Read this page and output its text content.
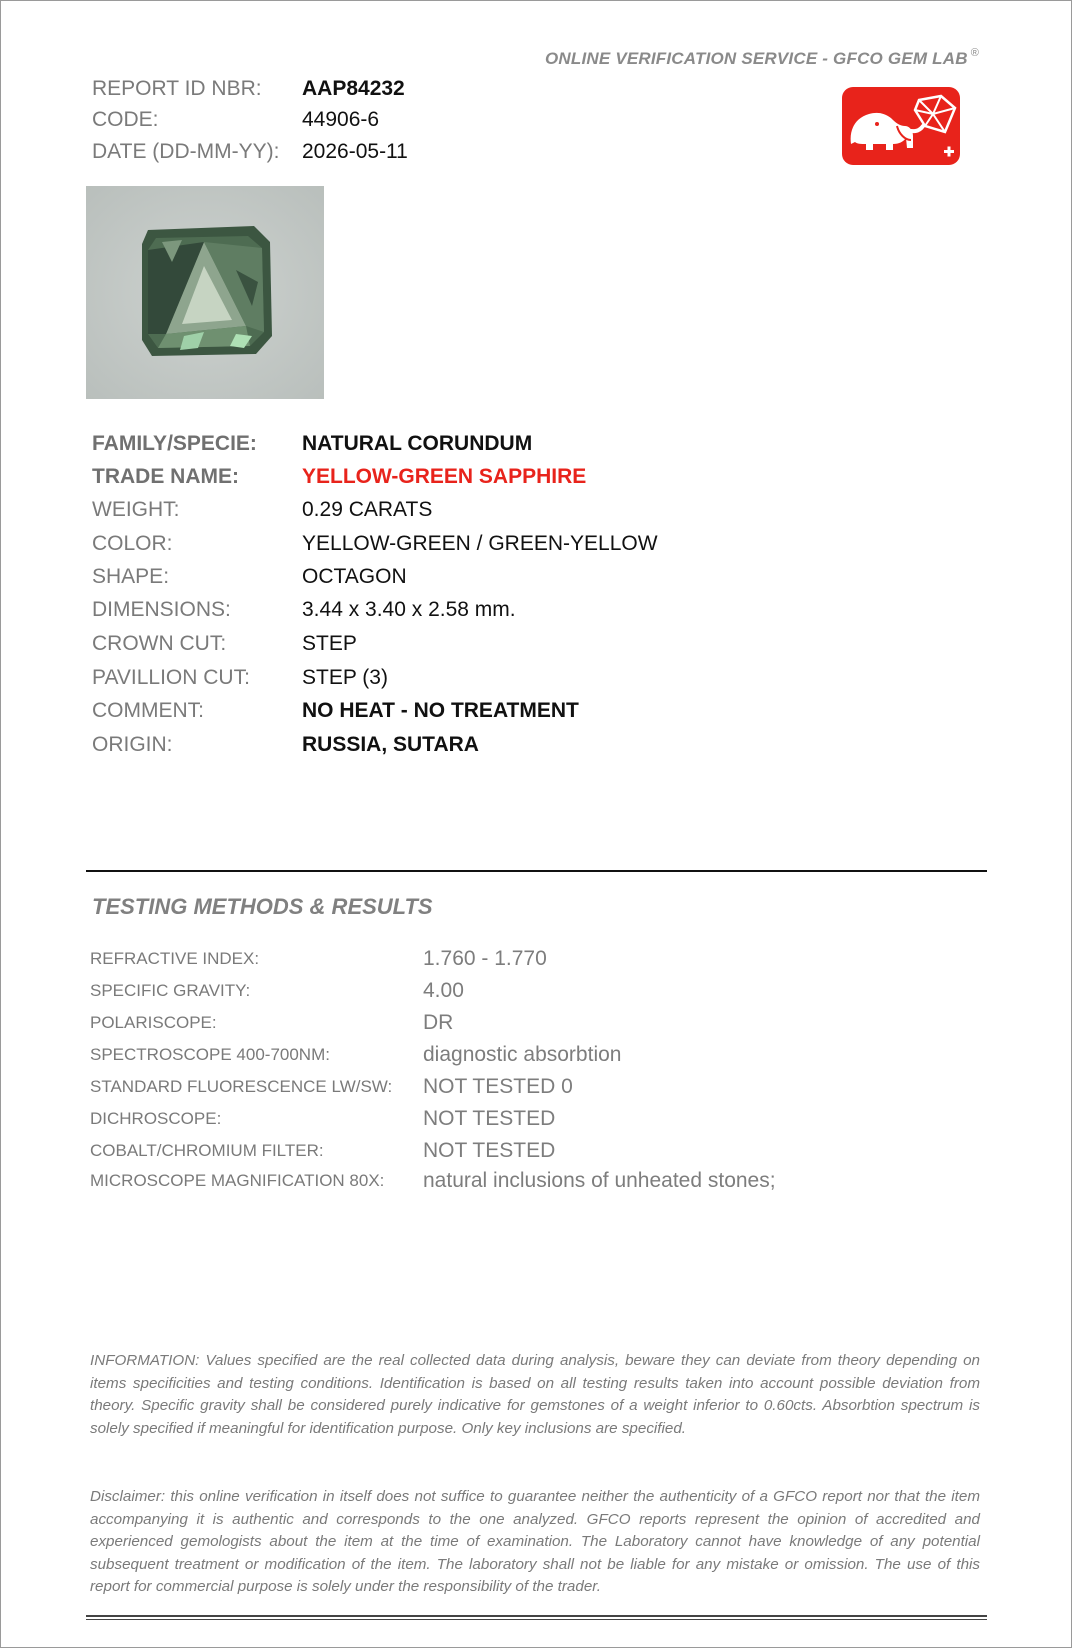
ONLINE VERIFICATION SERVICE - GFCO GEM LAB ®
REPORT ID NBR: AAP84232
CODE:	44906-6
DATE (DD-MM-YY): 2026-05-11
FAMILY/SPECIE: NATURAL CORUNDUM
TRADE NAME:	YELLOW-GREEN SAPPHIRE
WEIGHT:	0.29 CARATS
COLOR:	YELLOW-GREEN / GREEN-YELLOW
SHAPE:	OCTAGON
DIMENSIONS:	3.44 x 3.40 x 2.58 mm.
CROWN CUT:	STEP
PAVILLION CUT: STEP (3)
COMMENT:	NO HEAT - NO TREATMENT
ORIGIN:	RUSSIA, SUTARA
TESTING METHODS & RESULTS
REFRACTIVE INDEX:	1.760 - 1.770
SPECIFIC GRAVITY:	4.00
POLARISCOPE:	DR
SPECTROSCOPE 400-700NM:	diagnostic absorbtion
STANDARD FLUORESCENCE LW/SW: NOT TESTED 0
DICHROSCOPE:	NOT TESTED
COBALT/CHROMIUM FILTER:	NOT TESTED
MICROSCOPE MAGNIFICATION 80X: natural inclusions of unheated stones;
INFORMATION: Values specified are the real collected data during analysis, beware they can deviate from theory depending on items specificities and testing conditions. Identification is based on all testing results taken into account possible deviation from theory. Specific gravity shall be considered purely indicative for gemstones of a weight inferior to 0.60cts. Absorbtion spectrum is solely specified if meaningful for identification purpose. Only key inclusions are specified.
Disclaimer: this online verification in itself does not suffice to guarantee neither the authenticity of a GFCO report nor that the item accompanying it is authentic and corresponds to the one analyzed. GFCO reports represent the opinion of accredited and experienced gemologists about the item at the time of examination. The Laboratory cannot have knowledge of any potential subsequent treatment or modification of the item. The laboratory shall not be liable for any mistake or omission. The use of this report for commercial purpose is solely under the responsibility of the trader.
